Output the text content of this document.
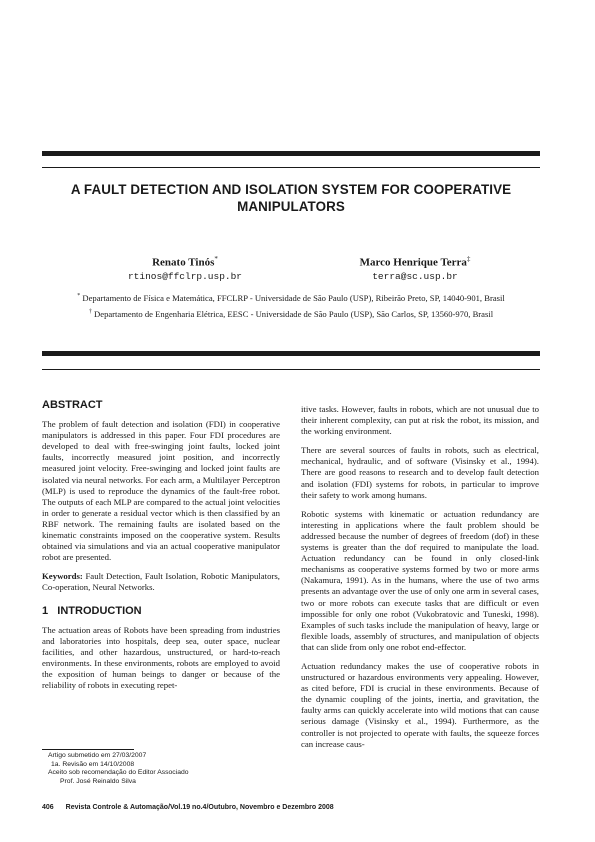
A FAULT DETECTION AND ISOLATION SYSTEM FOR COOPERATIVE
MANIPULATORS
Renato Tinós*
rtinos@ffclrp.usp.br
Marco Henrique Terra‡
terra@sc.usp.br
* Departamento de Física e Matemática, FFCLRP - Universidade de São Paulo (USP), Ribeirão Preto, SP, 14040-901, Brasil
† Departamento de Engenharia Elétrica, EESC - Universidade de São Paulo (USP), São Carlos, SP, 13560-970, Brasil
ABSTRACT

The problem of fault detection and isolation (FDI) in cooperative manipulators is addressed in this paper. Four FDI procedures are developed to deal with free-swinging joint faults, locked joint faults, incorrectly measured joint position, and incorrectly measured joint velocity. Free-swinging and locked joint faults are isolated via neural networks. For each arm, a Multilayer Perceptron (MLP) is used to reproduce the dynamics of the fault-free robot. The outputs of each MLP are compared to the actual joint velocities in order to generate a residual vector which is then classified by an RBF network. The remaining faults are isolated based on the kinematic constraints imposed on the cooperative system. Results obtained via simulations and via an actual cooperative manipulator robot are presented.

Keywords: Fault Detection, Fault Isolation, Robotic Manipulators, Co-operation, Neural Networks.

1 INTRODUCTION

The actuation areas of Robots have been spreading from industries and laboratories into hospitals, deep sea, outer space, nuclear facilities, and other hazardous, unstructured, or hard-to-reach environments. In these environments, robots are employed to avoid the exposition of human beings to danger or because of the reliability of robots in executing repet-

itive tasks. However, faults in robots, which are not unusual due to their inherent complexity, can put at risk the robot, its mission, and the working environment.

There are several sources of faults in robots, such as electrical, mechanical, hydraulic, and of software (Visinsky et al., 1994). There are good reasons to research and to develop fault detection and isolation (FDI) systems for robots, in particular to improve their safety to work among humans.

Robotic systems with kinematic or actuation redundancy are interesting in applications where the fault problem should be addressed because the number of degrees of freedom (dof) in these systems is greater than the dof required to manipulate the load. Actuation redundancy can be found in only closed-link mechanisms as cooperative systems formed by two or more arms (Nakamura, 1991). As in the humans, where the use of two arms presents an advantage over the use of only one arm in several cases, two or more robots can execute tasks that are difficult or even impossible for only one robot (Vukobratovic and Tuneski, 1998). Examples of such tasks include the manipulation of heavy, large or flexible loads, assembly of structures, and manipulation of objects that can slide from only one robot end-effector.

Actuation redundancy makes the use of cooperative robots in unstructured or hazardous environments very appealing. However, as cited before, FDI is crucial in these environments. Because of the dynamic coupling of the joints, inertia, and gravitation, the faulty arms can quickly accelerate into wild motions that can cause serious damage (Visinsky et al., 1994). Furthermore, as the controller is not projected to operate with faults, the squeeze forces can increase caus-

Artigo submetido em 27/03/2007
1a. Revisão em 14/10/2008
Aceito sob recomendação do Editor Associado
Prof. José Reinaldo Silva
406 Revista Controle & Automação/Vol.19 no.4/Outubro, Novembro e Dezembro 2008
